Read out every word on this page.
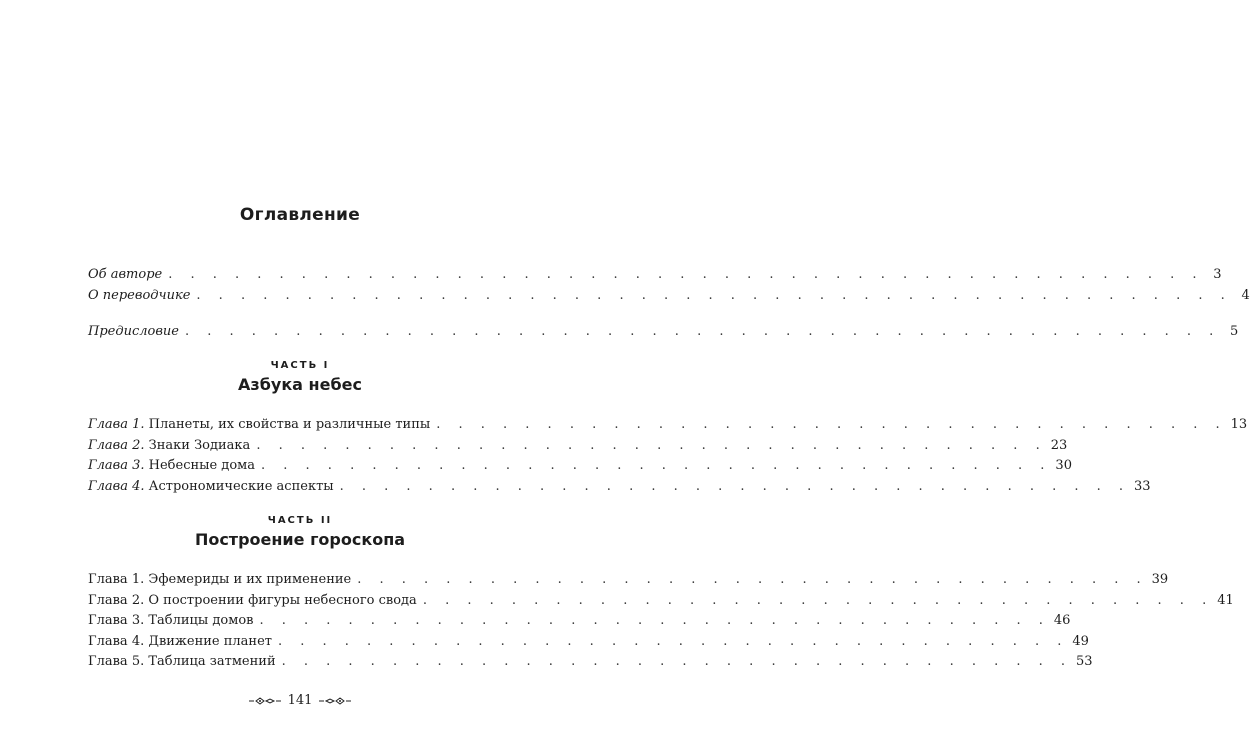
Оглавление
Об авторе . . . . . . . . . . . . . . . . . . . . . . . . . . . . . . . . . . . . . . . . . . . . . . . 3
О переводчике . . . . . . . . . . . . . . . . . . . . . . . . . . . . . . . . . . . . . . . . . . . . . . . 4
Предисловие . . . . . . . . . . . . . . . . . . . . . . . . . . . . . . . . . . . . . . . . . . . . . . . 5
ЧАСТЬ I
Азбука небес
Глава 1. Планеты, их свойства и различные типы . . . . . . . . . . . . . . . . . . . . . . . . . . . . . . . . . . . . 13
Глава 2. Знаки Зодиака . . . . . . . . . . . . . . . . . . . . . . . . . . . . . . . . . . . . 23
Глава 3. Небесные дома . . . . . . . . . . . . . . . . . . . . . . . . . . . . . . . . . . . . 30
Глава 4. Астрономические аспекты . . . . . . . . . . . . . . . . . . . . . . . . . . . . . . . . . . . . 33
ЧАСТЬ II
Построение гороскопа
Глава 1. Эфемериды и их применение . . . . . . . . . . . . . . . . . . . . . . . . . . . . . . . . . . . . 39
Глава 2. О построении фигуры небесного свода . . . . . . . . . . . . . . . . . . . . . . . . . . . . . . . . . . . . 41
Глава 3. Таблицы домов . . . . . . . . . . . . . . . . . . . . . . . . . . . . . . . . . . . . 46
Глава 4. Движение планет . . . . . . . . . . . . . . . . . . . . . . . . . . . . . . . . . . . . 49
Глава 5. Таблица затмений . . . . . . . . . . . . . . . . . . . . . . . . . . . . . . . . . . . . 53
141
